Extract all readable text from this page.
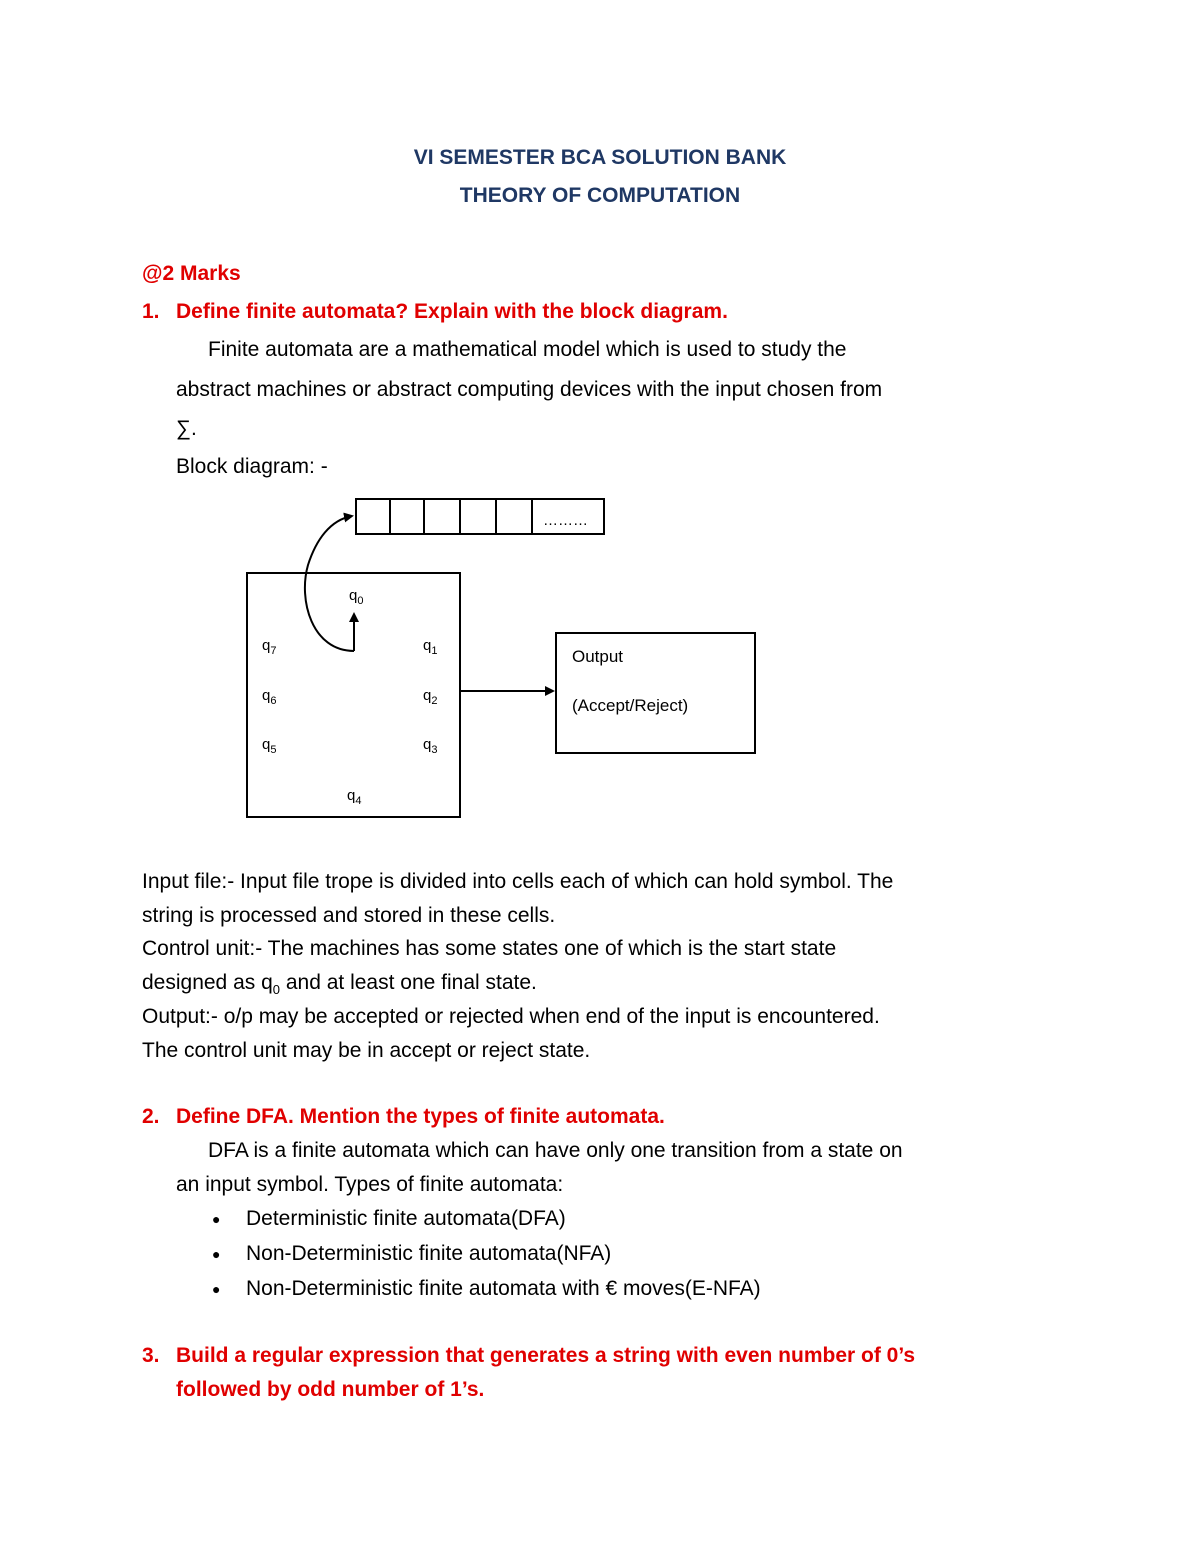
VI SEMESTER BCA SOLUTION BANK
THEORY OF COMPUTATION
@2 Marks
1. Define finite automata? Explain with the block diagram.
Finite automata are a mathematical model which is used to study the
abstract machines or abstract computing devices with the input chosen from
∑.
Block diagram: -
………
$q_0$
$q_1$
$q_2$
$q_3$
$q_4$
$q_5$
$q_6$
$q_7$	Output
(Accept/Reject)
Input file:- Input file trope is divided into cells each of which can hold symbol. The
string is processed and stored in these cells.
Control unit:- The machines has some states one of which is the start state
designed as $q_0$ and at least one final state.
Output:- o/p may be accepted or rejected when end of the input is encountered.
The control unit may be in accept or reject state.
2. Define DFA. Mention the types of finite automata.
DFA is a finite automata which can have only one transition from a state on
an input symbol. Types of finite automata:
● Deterministic finite automata(DFA)
● Non-Deterministic finite automata(NFA)
● Non-Deterministic finite automata with € moves(E-NFA)
3. Build a regular expression that generates a string with even number of 0’s
followed by odd number of 1’s.
